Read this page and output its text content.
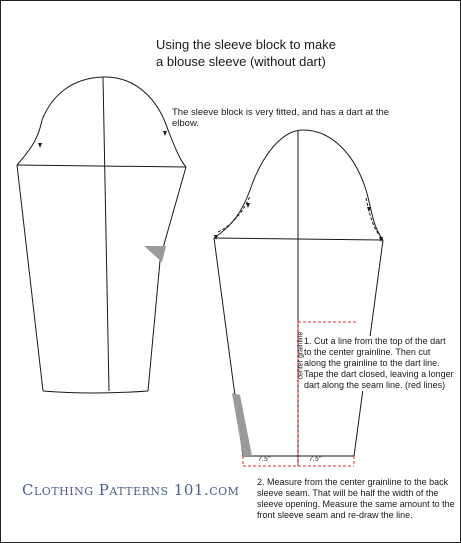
Using the sleeve block to make
a blouse sleeve (without dart)
The sleeve block is very fitted, and has a dart at the elbow.
1. Cut a line from the top of the dart to the center grainline. Then cut along the grainline to the dart line. Tape the dart closed, leaving a longer dart along the seam line. (red lines)
2. Measure from the center grainline to the back sleeve seam. That will be half the width of the sleeve opening. Measure the same amount to the front sleeve seam and re-draw the line.
center grainline
7.5"	7.5"
Clothing Patterns 101.com
